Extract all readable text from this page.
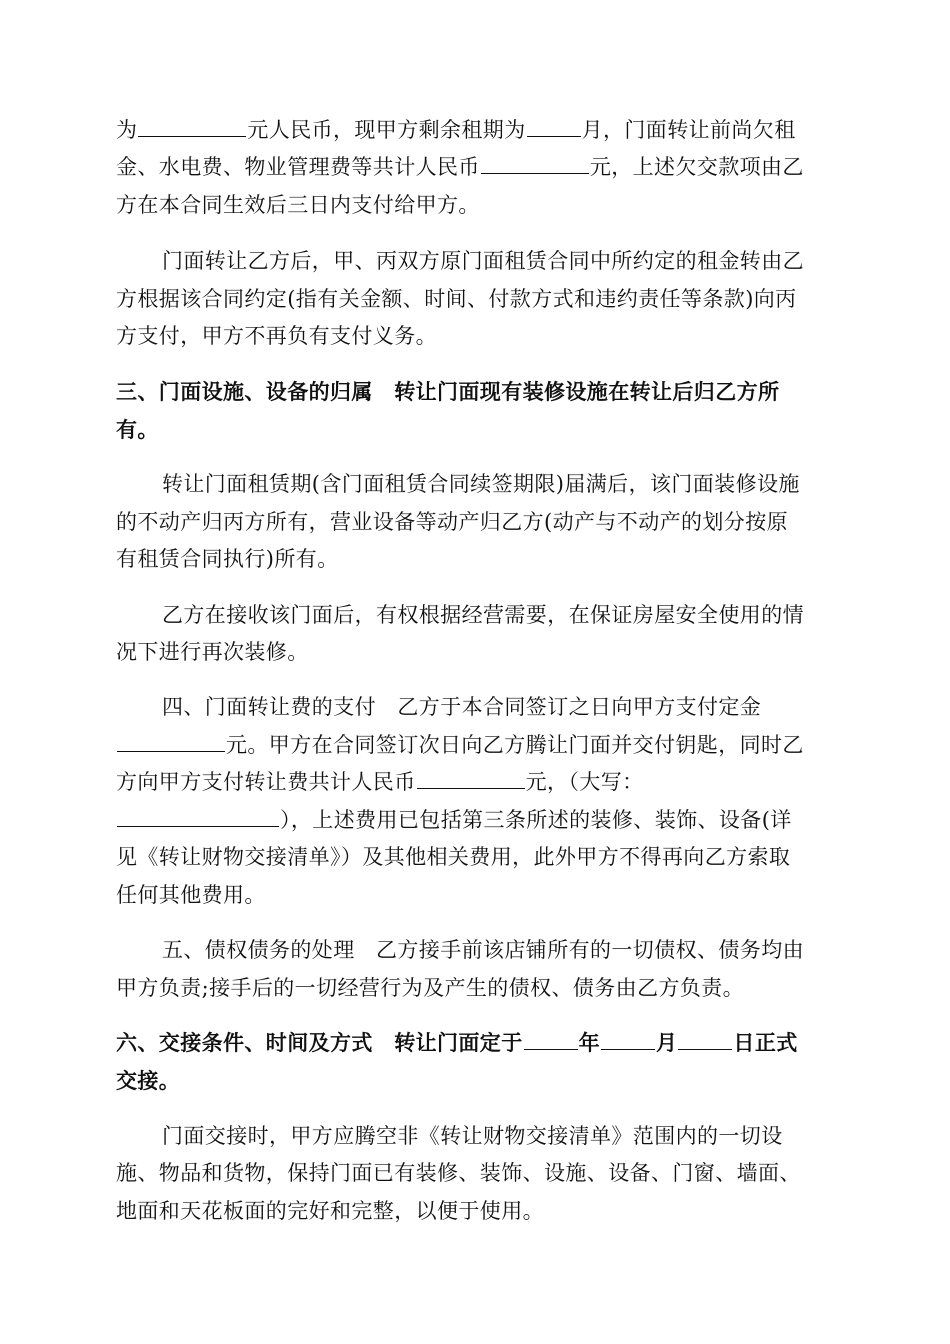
为	元人民币，现甲方剩余租期为	月，门面转让前尚欠租
金、水电费、物业管理费等共计人民币	元，上述欠交款项由乙
方在本合同生效后三日内支付给甲方。
门面转让乙方后，甲、丙双方原门面租赁合同中所约定的租金转由乙
方根据该合同约定(指有关金额、时间、付款方式和违约责任等条款)向丙
方支付，甲方不再负有支付义务。
三、门面设施、设备的归属　转让门面现有装修设施在转让后归乙方所
有。
转让门面租赁期(含门面租赁合同续签期限)届满后，该门面装修设施
的不动产归丙方所有，营业设备等动产归乙方(动产与不动产的划分按原
有租赁合同执行)所有。
乙方在接收该门面后，有权根据经营需要，在保证房屋安全使用的情
况下进行再次装修。
四、门面转让费的支付　乙方于本合同签订之日向甲方支付定金
元。甲方在合同签订次日向乙方腾让门面并交付钥匙，同时乙
方向甲方支付转让费共计人民币	元，（大写：
），上述费用已包括第三条所述的装修、装饰、设备(详
见《转让财物交接清单》）及其他相关费用，此外甲方不得再向乙方索取
任何其他费用。
五、债权债务的处理　乙方接手前该店铺所有的一切债权、债务均由
甲方负责;接手后的一切经营行为及产生的债权、债务由乙方负责。
六、交接条件、时间及方式　转让门面定于	年	月	日正式
交接。
门面交接时，甲方应腾空非《转让财物交接清单》范围内的一切设
施、物品和货物，保持门面已有装修、装饰、设施、设备、门窗、墙面、
地面和天花板面的完好和完整，以便于使用。
